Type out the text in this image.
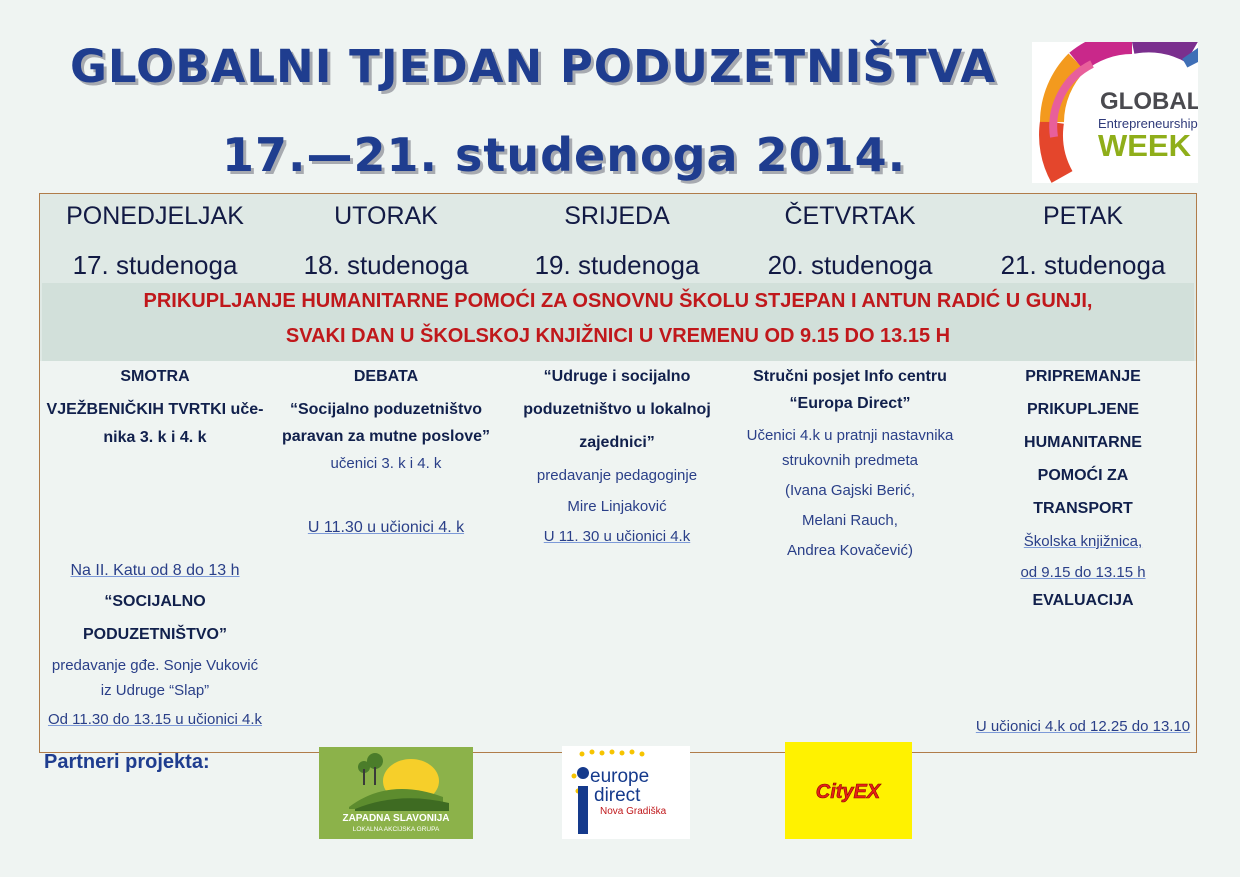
GLOBALNI TJEDAN PODUZETNIŠTVA
17.—21. studenoga 2014.
GLOBAL
Entrepreneurship
WEEK
PONEDJELJAK
17. studenoga
UTORAK
18. studenoga
SRIJEDA
19. studenoga
ČETVRTAK
20. studenoga
PETAK
21. studenoga
PRIKUPLJANJE HUMANITARNE POMOĆI ZA OSNOVNU ŠKOLU STJEPAN I ANTUN RADIĆ U GUNJI,
SVAKI DAN U ŠKOLSKOJ KNJIŽNICI U VREMENU OD 9.15 DO 13.15 H
SMOTRA
VJEŽBENIČKIH TVRTKI uče-
nika 3. k i 4. k
Na II. Katu od 8 do 13 h
“SOCIJALNO
PODUZETNIŠTVO”
predavanje gđe. Sonje Vuković
iz Udruge “Slap”
Od 11.30 do 13.15 u učionici 4.k
DEBATA
“Socijalno poduzetništvo
paravan za mutne poslove”
učenici 3. k i 4. k
U 11.30 u učionici 4. k
“Udruge i socijalno
poduzetništvo u lokalnoj
zajednici”
predavanje pedagoginje
Mire Linjaković
U 11. 30 u učionici 4.k
Stručni posjet Info centru
“Europa Direct”
Učenici 4.k u pratnji nastavnika
strukovnih predmeta
(Ivana Gajski Berić,
Melani Rauch,
Andrea Kovačević)
PRIPREMANJE
PRIKUPLJENE
HUMANITARNE
POMOĆI ZA
TRANSPORT
Školska knjižnica,
od 9.15 do 13.15 h
EVALUACIJA
U učionici 4.k od 12.25 do 13.10

Partneri projekta:

ZAPADNA SLAVONIJA
LOKALNA AKCIJSKA GRUPA
europe
direct
Nova Gradiška
CityEX
